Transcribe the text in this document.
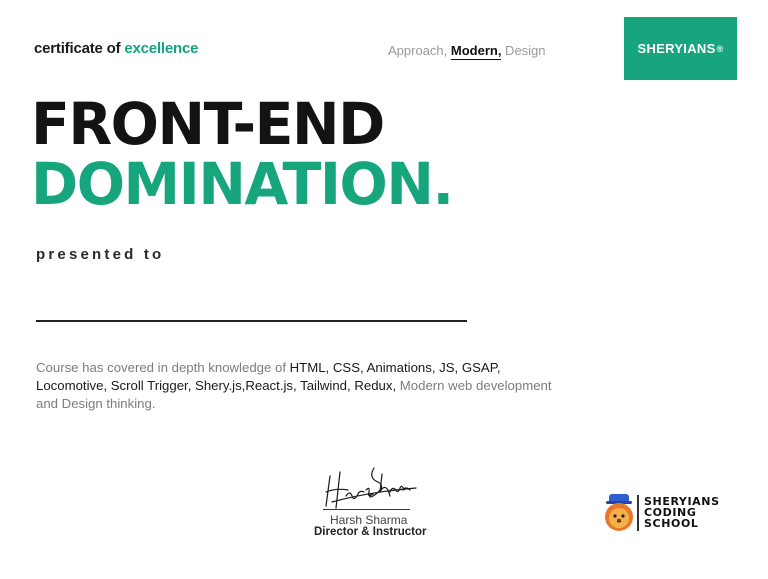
certificate of excellence	Approach, Modern, Design	SHERYIANS ®
FRONT-END
DOMINATION.
presented to
Course has covered in depth knowledge of HTML, CSS, Animations, JS, GSAP, Locomotive, Scroll Trigger, Shery.js,React.js, Tailwind, Redux, Modern web development and Design thinking.
Harsh Sharma
Director & Instructor
SHERYIANS
CODING
SCHOOL
